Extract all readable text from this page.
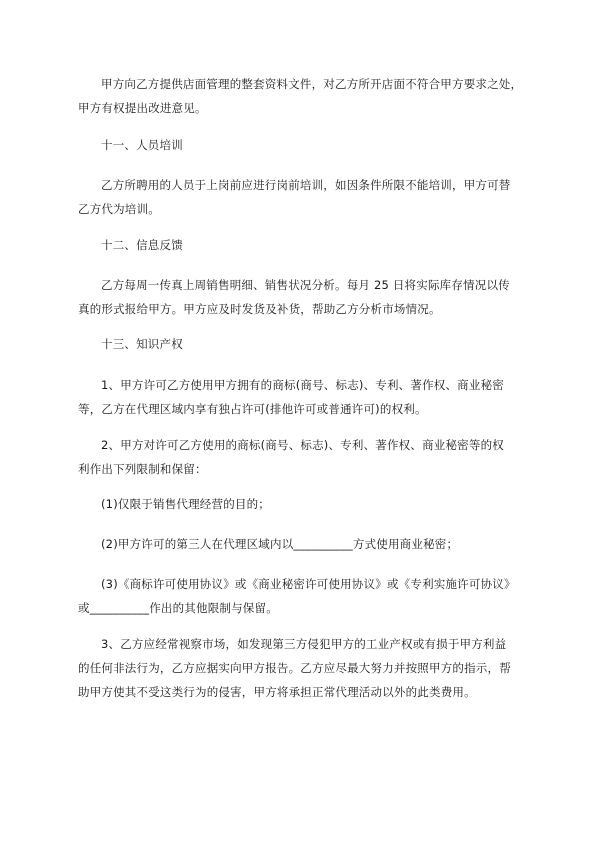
甲方向乙方提供店面管理的整套资料文件，对乙方所开店面不符合甲方要求之处，
甲方有权提出改进意见。
十一、人员培训
乙方所聘用的人员于上岗前应进行岗前培训，如因条件所限不能培训，甲方可替
乙方代为培训。
十二、信息反馈
乙方每周一传真上周销售明细、销售状况分析。每月 25 日将实际库存情况以传
真的形式报给甲方。甲方应及时发货及补货，帮助乙方分析市场情况。
十三、知识产权
1、甲方许可乙方使用甲方拥有的商标(商号、标志)、专利、著作权、商业秘密
等，乙方在代理区域内享有独占许可(排他许可或普通许可)的权利。
2、甲方对许可乙方使用的商标(商号、标志)、专利、著作权、商业秘密等的权
利作出下列限制和保留：
(1)仅限于销售代理经营的目的；
(2)甲方许可的第三人在代理区域内以__________方式使用商业秘密；
(3)《商标许可使用协议》或《商业秘密许可使用协议》或《专利实施许可协议》
或__________作出的其他限制与保留。
3、乙方应经常视察市场，如发现第三方侵犯甲方的工业产权或有损于甲方利益
的任何非法行为，乙方应据实向甲方报告。乙方应尽最大努力并按照甲方的指示，帮
助甲方使其不受这类行为的侵害，甲方将承担正常代理活动以外的此类费用。
